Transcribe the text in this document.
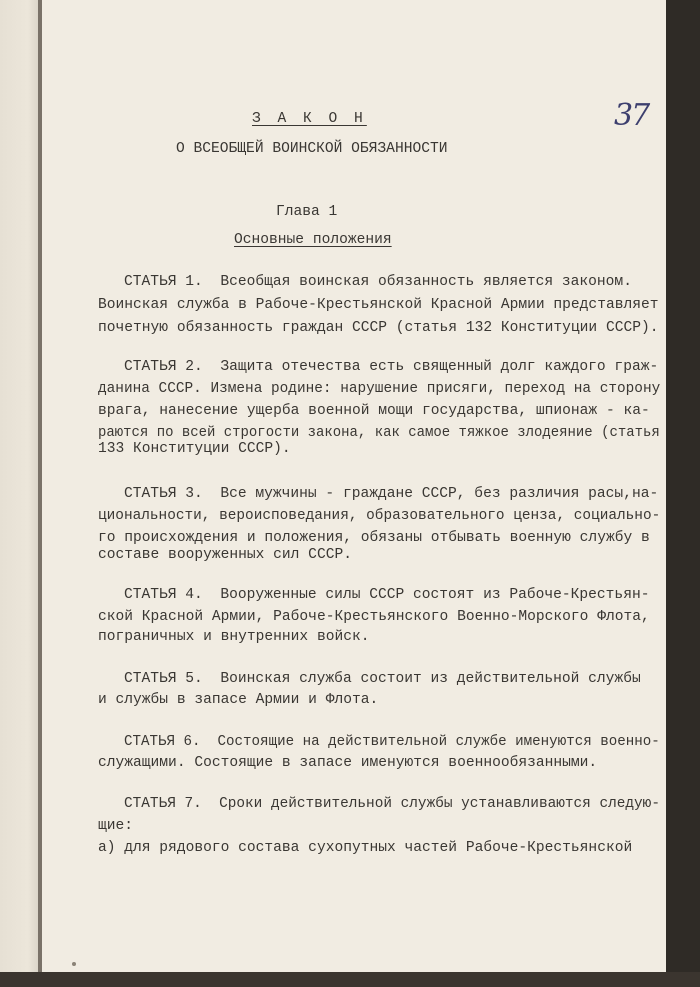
37
З А К О Н
О ВСЕОБЩЕЙ ВОИНСКОЙ ОБЯЗАННОСТИ
Глава 1
Основные положения
СТАТЬЯ 1.  Всеобщая воинская обязанность является законом.
Воинская служба в Рабоче-Крестьянской Красной Армии представляет
почетную обязанность граждан СССР (статья 132 Конституции СССР).
СТАТЬЯ 2.  Защита отечества есть священный долг каждого граж-
данина СССР. Измена родине: нарушение присяги, переход на сторону
врага, нанесение ущерба военной мощи государства, шпионаж - ка-
раются по всей строгости закона, как самое тяжкое злодеяние (статья
133 Конституции СССР).
СТАТЬЯ 3.  Все мужчины - граждане СССР, без различия расы,на-
циональности, вероисповедания, образовательного ценза, социально-
го происхождения и положения, обязаны отбывать военную службу в
составе вооруженных сил СССР.
СТАТЬЯ 4.  Вооруженные силы СССР состоят из Рабоче-Крестьян-
ской Красной Армии, Рабоче-Крестьянского Военно-Морского Флота,
пограничных и внутренних войск.
СТАТЬЯ 5.  Воинская служба состоит из действительной службы
и службы в запасе Армии и Флота.
СТАТЬЯ 6.  Состоящие на действительной службе именуются военно-
служащими. Состоящие в запасе именуются военнообязанными.
СТАТЬЯ 7.  Сроки действительной службы устанавливаются следую-
щие:
а) для рядового состава сухопутных частей Рабоче-Крестьянской
